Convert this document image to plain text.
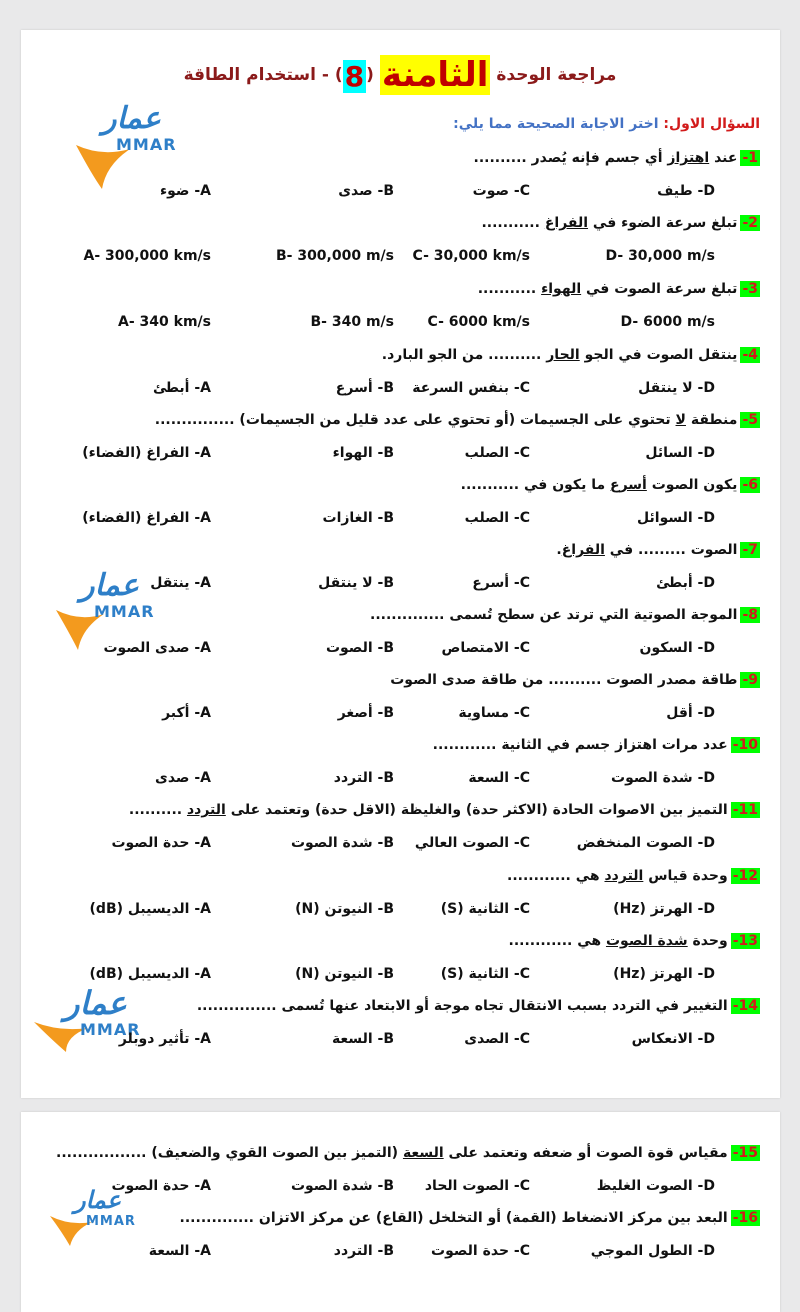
مراجعة الوحدة الثامنة (8) - استخدام الطاقة
السؤال الاول: اختر الاجابة الصحيحة مما يلي:
عمار
MMAR
عمار
MMAR
عمار
MMAR
عمار
MMAR
1-عند اهتزاز أي جسم فإنه يُصدر ..........
A- ضوء	B- صدى	C- صوت	D- طيف
2-تبلغ سرعة الضوء في الفراغ ...........
A- 300,000 km/s	B- 300,000 m/s C- 30,000 km/s	D- 30,000 m/s
3-تبلغ سرعة الصوت في الهواء ...........
A- 340 km/s	B- 340 m/s C- 6000 km/s	D- 6000 m/s
4-ينتقل الصوت في الجو الحار .......... من الجو البارد.
A- أبطئ	B- أسرع C- بنفس السرعة	D- لا ينتقل
5-منطقة لا تحتوي على الجسيمات (أو تحتوي على عدد قليل من الجسيمات) ...............
A- الفراغ (الفضاء)	B- الهواء	C- الصلب	D- السائل
6-يكون الصوت أسرع ما يكون في ...........
A- الفراغ (الفضاء)	B- الغازات	C- الصلب	D- السوائل
7-الصوت ......... في الفراغ.
A- ينتقل	B- لا ينتقل	C- أسرع	D- أبطئ
8-الموجة الصوتية التي ترتد عن سطح تُسمى ..............
A- صدى الصوت	B- الصوت	C- الامتصاص	D- السكون
9-طاقة مصدر الصوت .......... من طاقة صدى الصوت
A- أكبر	B- أصغر	C- مساوية	D- أقل
10-عدد مرات اهتزاز جسم في الثانية ............
A- صدى	B- التردد	C- السعة	D- شدة الصوت
11-التميز بين الاصوات الحادة (الاكثر حدة) والغليظة (الاقل حدة) وتعتمد على التردد ..........
A- حدة الصوت	B- شدة الصوت C- الصوت العالي	D- الصوت المنخفض
12-وحدة قياس التردد هي ............
A- الديسيبل (dB)	B- النيوتن (N)	C- الثانية (S)	D- الهرتز (Hz)
13-وحدة شدة الصوت هي ............
A- الديسيبل (dB)	B- النيوتن (N)	C- الثانية (S)	D- الهرتز (Hz)
14-التغيير في التردد بسبب الانتقال تجاه موجة أو الابتعاد عنها تُسمى ...............
A- تأثير دوبلر	B- السعة	C- الصدى	D- الانعكاس
15-مقياس قوة الصوت أو ضعفه وتعتمد على السعة (التميز بين الصوت القوي والضعيف) .................
A- حدة الصوت	B- شدة الصوت C- الصوت الحاد	D- الصوت الغليظ
16-البعد بين مركز الانضغاط (القمة) أو التخلخل (القاع) عن مركز الاتزان ..............
A- السعة	B- التردد	C- حدة الصوت	D- الطول الموجي
